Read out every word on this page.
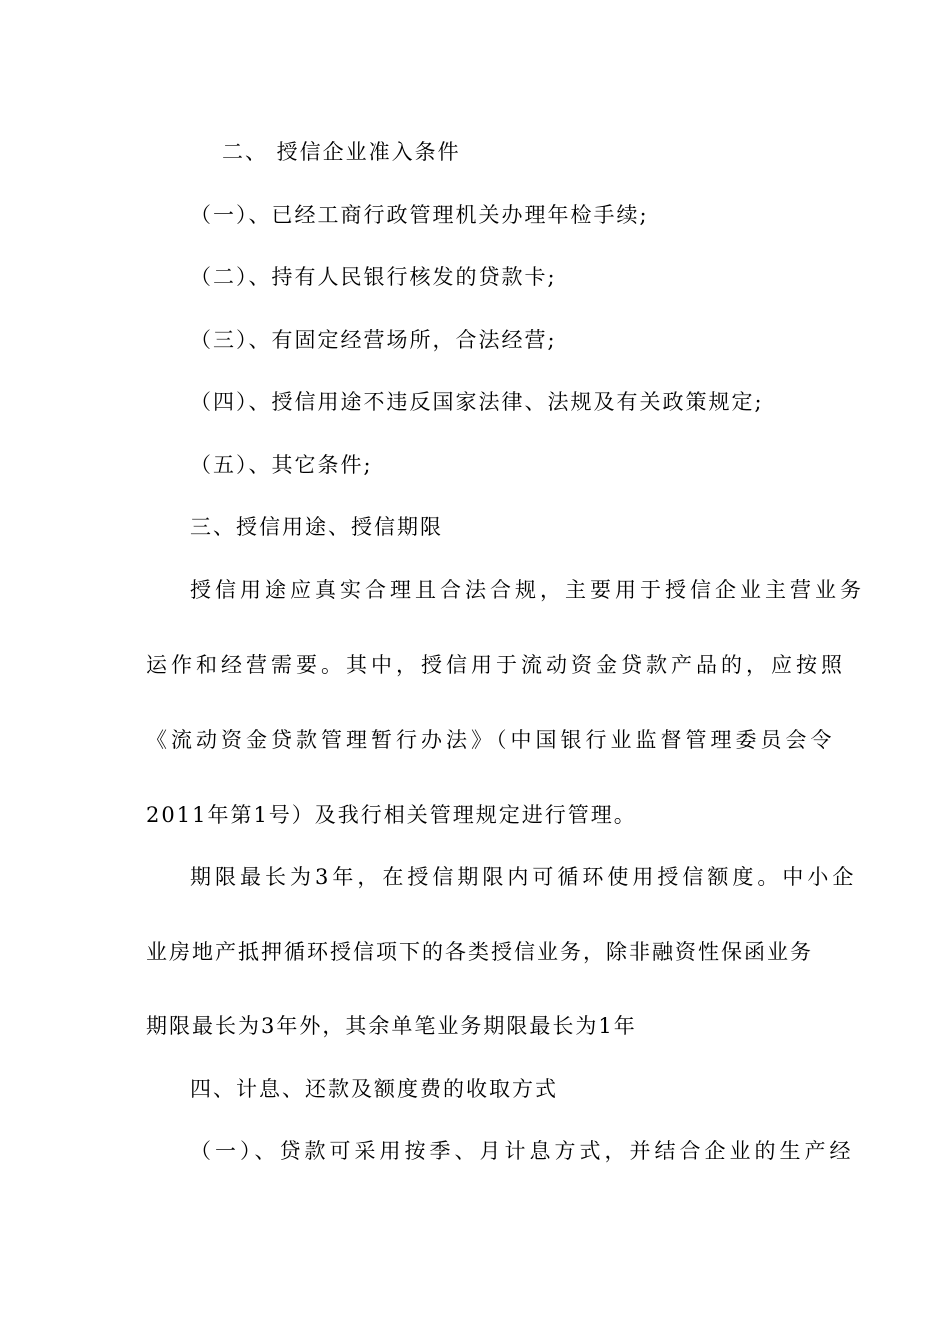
二、 授信企业准入条件

（一）、已经工商行政管理机关办理年检手续;

（二）、持有人民银行核发的贷款卡;

（三）、有固定经营场所，合法经营;

（四）、授信用途不违反国家法律、法规及有关政策规定;

（五）、其它条件;

三、授信用途、授信期限

授信用途应真实合理且合法合规，主要用于授信企业主营业务

运作和经营需要。其中，授信用于流动资金贷款产品的，应按照

《流动资金贷款管理暂行办法》（中国银行业监督管理委员会令

2011年第1号）及我行相关管理规定进行管理。

期限最长为3年，在授信期限内可循环使用授信额度。中小企

业房地产抵押循环授信项下的各类授信业务，除非融资性保函业务

期限最长为3年外，其余单笔业务期限最长为1年

四、计息、还款及额度费的收取方式

（一）、贷款可采用按季、月计息方式，并结合企业的生产经
